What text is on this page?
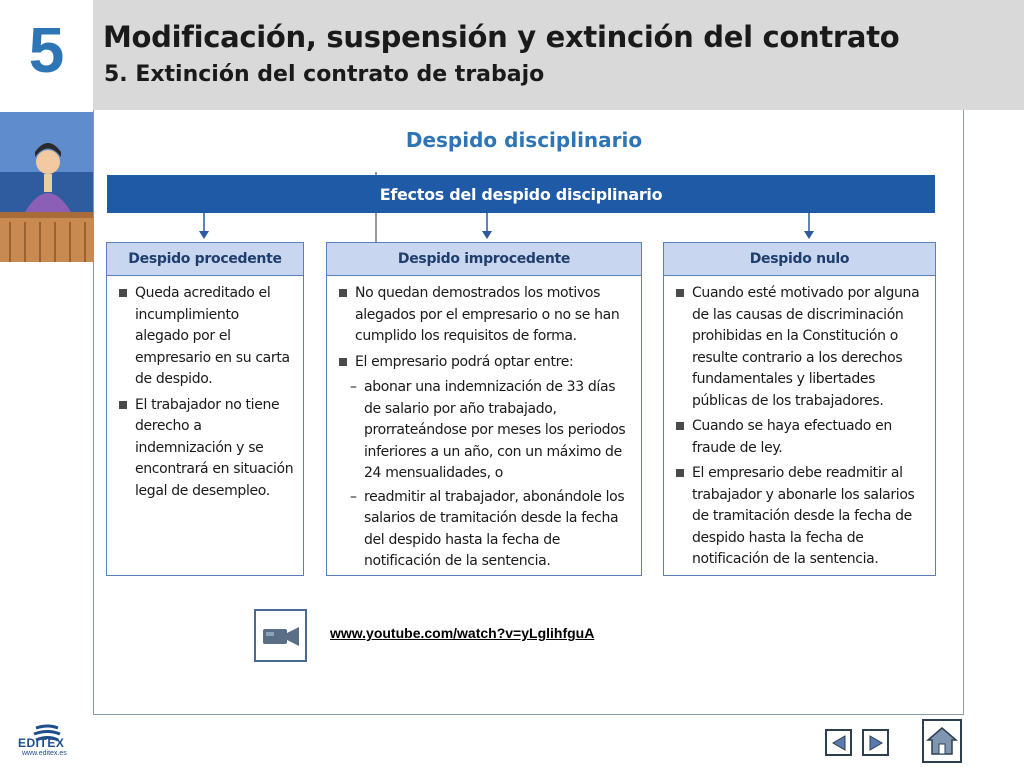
5	Modificación, suspensión y extinción del contrato
5. Extinción del contrato de trabajo
Despido disciplinario
Efectos del despido disciplinario
Despido procedente
Queda acreditado el incumplimiento alegado por el empresario en su carta de despido.
El trabajador no tiene derecho a indemnización y se encontrará en situación legal de desempleo.
Despido improcedente
No quedan demostrados los motivos alegados por el empresario o no se han cumplido los requisitos de forma.
El empresario podrá optar entre:
– abonar una indemnización de 33 días de salario por año trabajado, prorrateándose por meses los periodos inferiores a un año, con un máximo de 24 mensualidades, o
– readmitir al trabajador, abonándole los salarios de tramitación desde la fecha del despido hasta la fecha de notificación de la sentencia.
Despido nulo
Cuando esté motivado por alguna de las causas de discriminación prohibidas en la Constitución o resulte contrario a los derechos fundamentales y libertades públicas de los trabajadores.
Cuando se haya efectuado en fraude de ley.
El empresario debe readmitir al trabajador y abonarle los salarios de tramitación desde la fecha de despido hasta la fecha de notificación de la sentencia.
www.youtube.com/watch?v=yLglihfguA
EDITEX
www.editex.es
